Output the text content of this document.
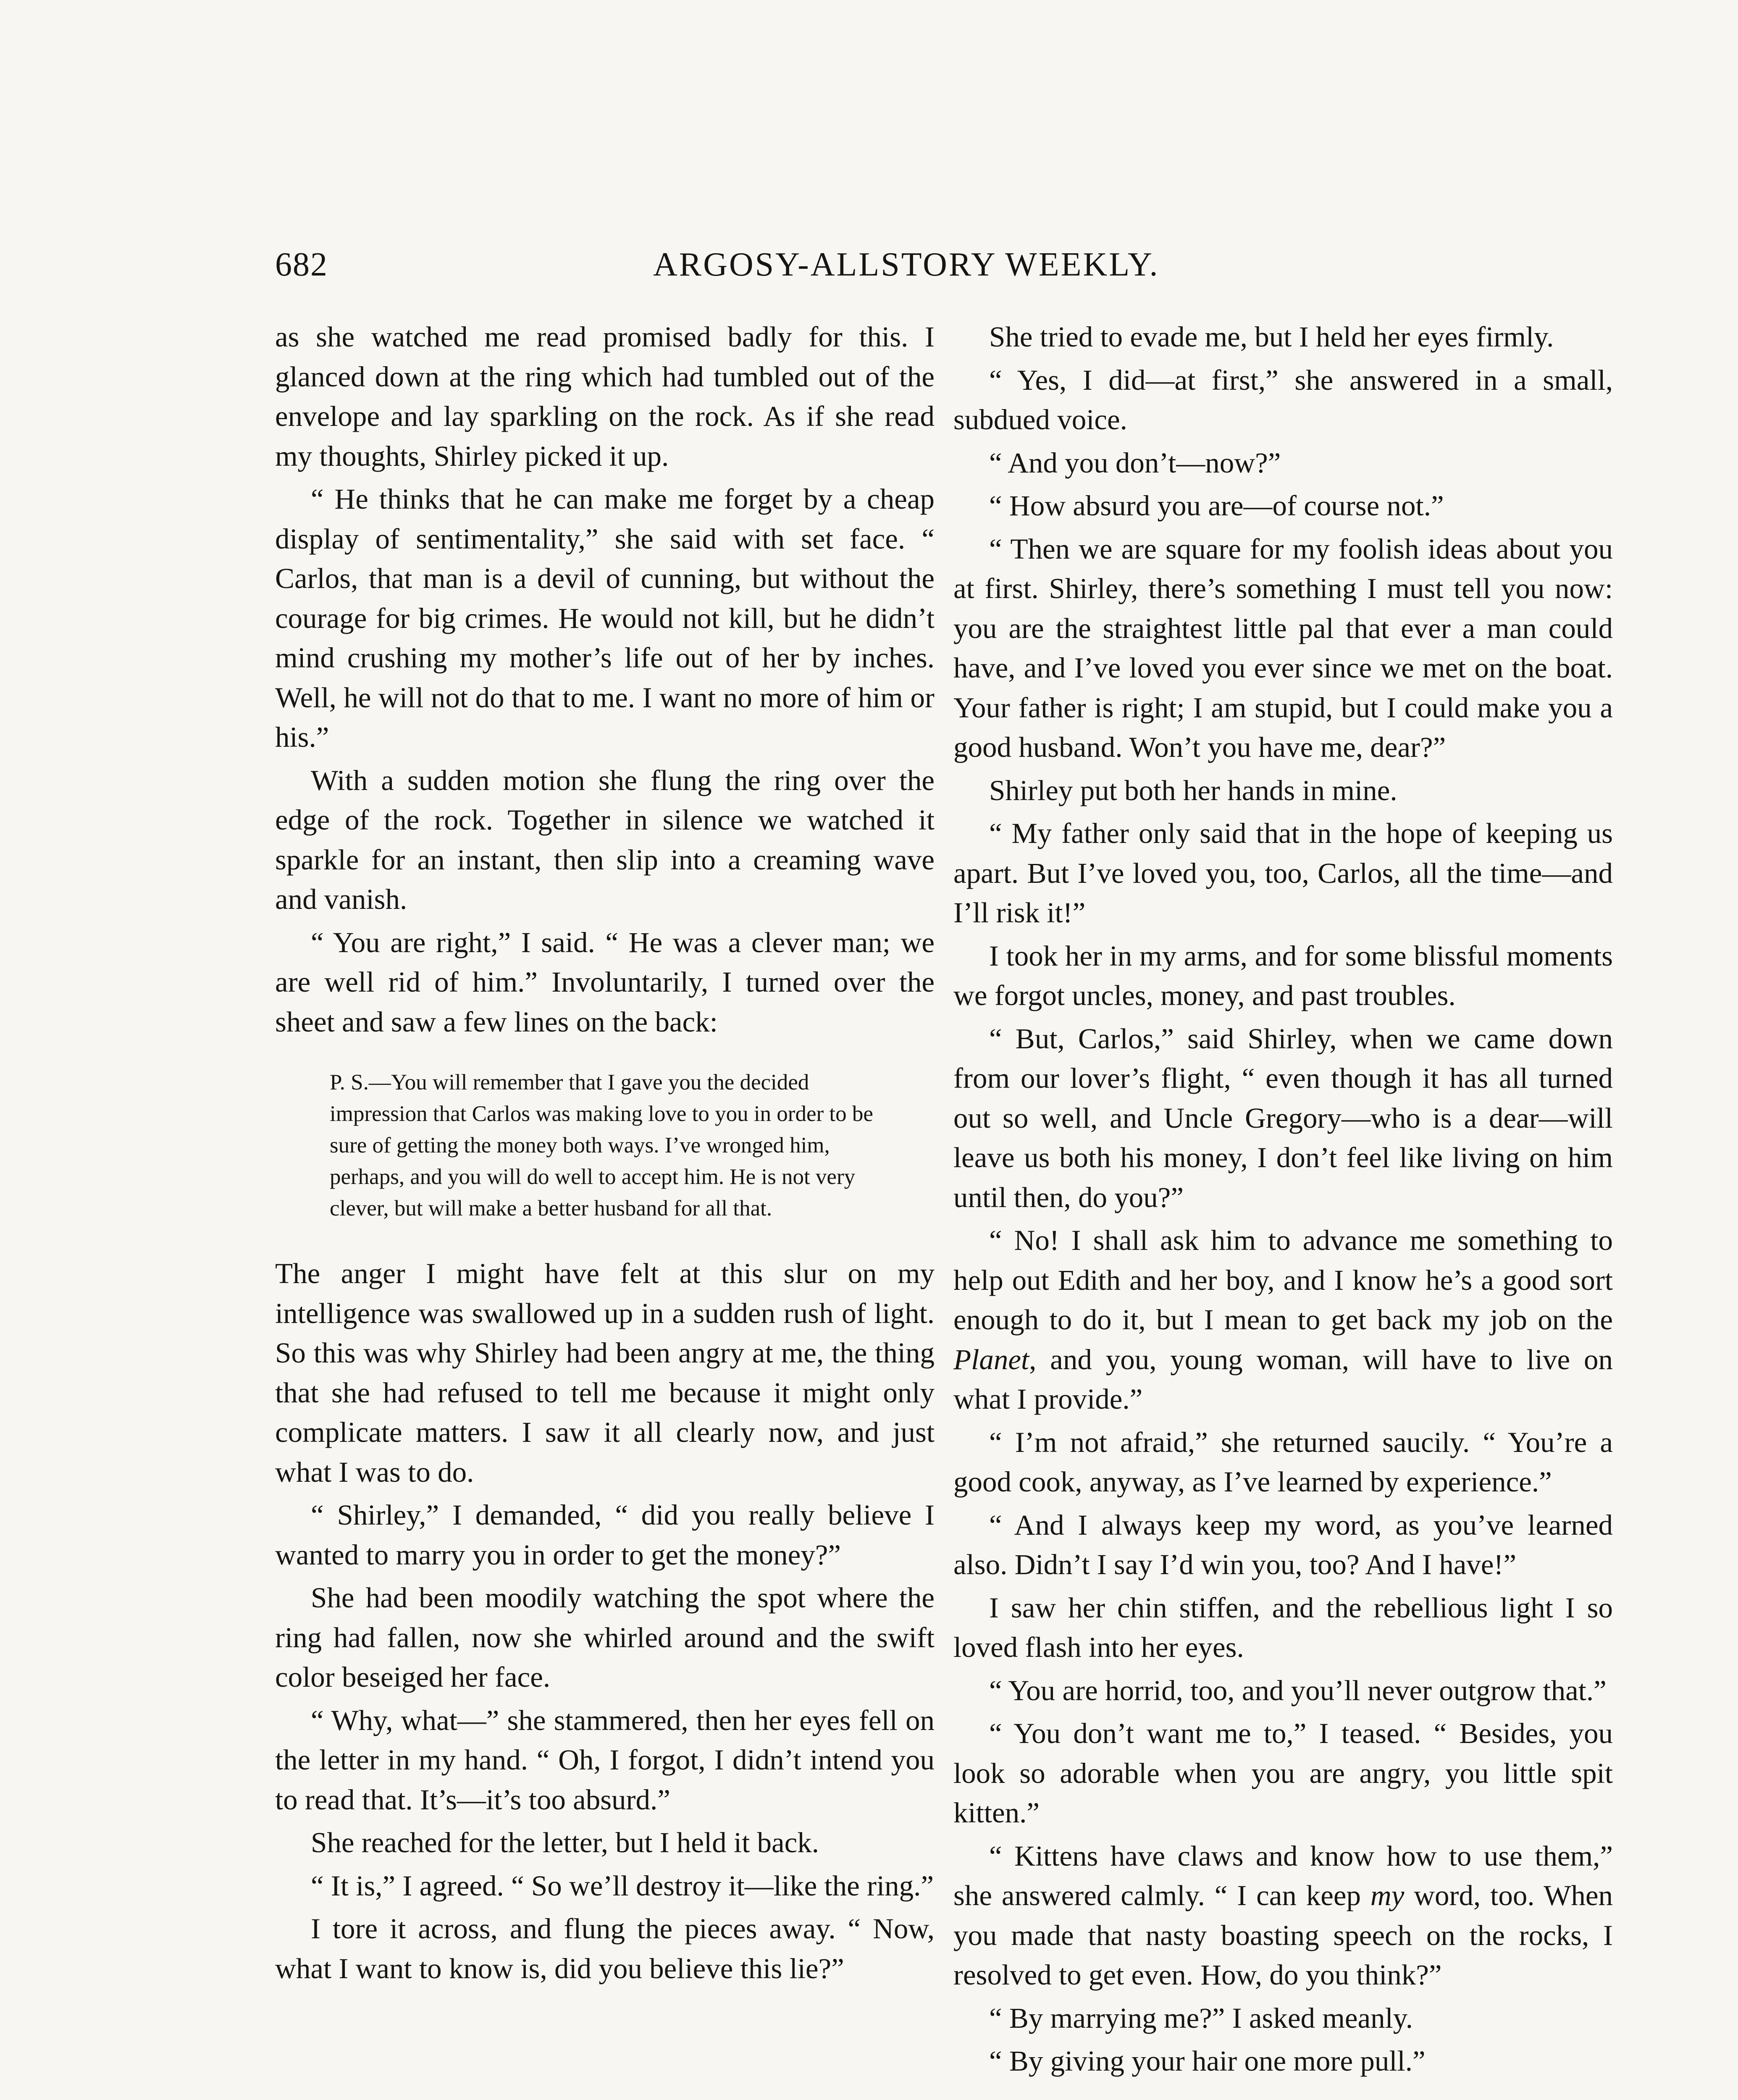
682	ARGOSY-ALLSTORY WEEKLY.

as she watched me read promised badly for this. I glanced down at the ring which had tumbled out of the envelope and lay sparkling on the rock. As if she read my thoughts, Shirley picked it up.

“ He thinks that he can make me forget by a cheap display of sentimentality,” she said with set face. “ Carlos, that man is a devil of cunning, but without the courage for big crimes. He would not kill, but he didn’t mind crushing my mother’s life out of her by inches. Well, he will not do that to me. I want no more of him or his.”

With a sudden motion she flung the ring over the edge of the rock. Together in silence we watched it sparkle for an instant, then slip into a creaming wave and vanish.

“ You are right,” I said. “ He was a clever man; we are well rid of him.” Involuntarily, I turned over the sheet and saw a few lines on the back:

P. S.—You will remember that I gave you the decided impression that Carlos was making love to you in order to be sure of getting the money both ways. I’ve wronged him, perhaps, and you will do well to accept him. He is not very clever, but will make a better husband for all that.

The anger I might have felt at this slur on my intelligence was swallowed up in a sudden rush of light. So this was why Shirley had been angry at me, the thing that she had refused to tell me because it might only complicate matters. I saw it all clearly now, and just what I was to do.

“ Shirley,” I demanded, “ did you really believe I wanted to marry you in order to get the money?”

She had been moodily watching the spot where the ring had fallen, now she whirled around and the swift color beseiged her face.

“ Why, what—” she stammered, then her eyes fell on the letter in my hand. “ Oh, I forgot, I didn’t intend you to read that. It’s—it’s too absurd.”

She reached for the letter, but I held it back.

“ It is,” I agreed. “ So we’ll destroy it—like the ring.”

I tore it across, and flung the pieces away. “ Now, what I want to know is, did you believe this lie?”

She tried to evade me, but I held her eyes firmly.

“ Yes, I did—at first,” she answered in a small, subdued voice.

“ And you don’t—now?”

“ How absurd you are—of course not.”

“ Then we are square for my foolish ideas about you at first. Shirley, there’s something I must tell you now: you are the straightest little pal that ever a man could have, and I’ve loved you ever since we met on the boat. Your father is right; I am stupid, but I could make you a good husband. Won’t you have me, dear?”

Shirley put both her hands in mine.

“ My father only said that in the hope of keeping us apart. But I’ve loved you, too, Carlos, all the time—and I’ll risk it!”

I took her in my arms, and for some blissful moments we forgot uncles, money, and past troubles.

“ But, Carlos,” said Shirley, when we came down from our lover’s flight, “ even though it has all turned out so well, and Uncle Gregory—who is a dear—will leave us both his money, I don’t feel like living on him until then, do you?”

“ No! I shall ask him to advance me something to help out Edith and her boy, and I know he’s a good sort enough to do it, but I mean to get back my job on the Planet, and you, young woman, will have to live on what I provide.”

“ I’m not afraid,” she returned saucily. “ You’re a good cook, anyway, as I’ve learned by experience.”

“ And I always keep my word, as you’ve learned also. Didn’t I say I’d win you, too? And I have!”

I saw her chin stiffen, and the rebellious light I so loved flash into her eyes.

“ You are horrid, too, and you’ll never outgrow that.”

“ You don’t want me to,” I teased. “ Besides, you look so adorable when you are angry, you little spit kitten.”

“ Kittens have claws and know how to use them,” she answered calmly. “ I can keep my word, too. When you made that nasty boasting speech on the rocks, I resolved to get even. How, do you think?”

“ By marrying me?” I asked meanly.

“ By giving your hair one more pull.”
